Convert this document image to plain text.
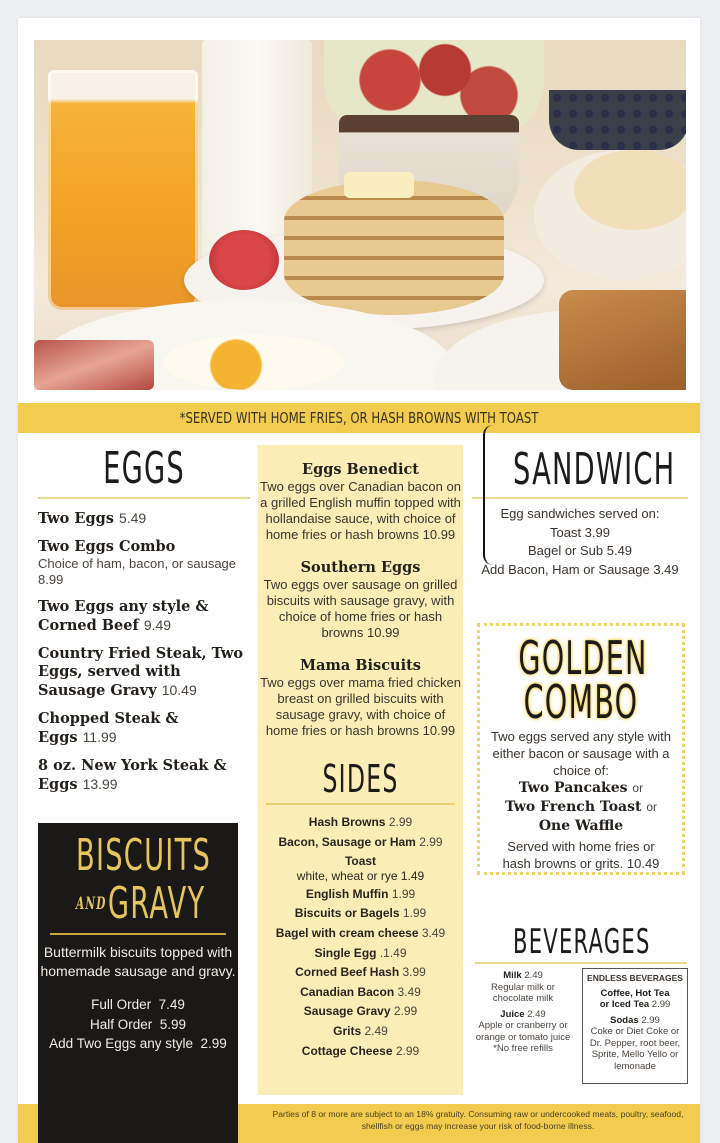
*SERVED WITH HOME FRIES, OR HASH BROWNS WITH TOAST
EGGS
Two Eggs 5.49
Two Eggs Combo
Choice of ham, bacon, or sausage 8.99
Two Eggs any style & Corned Beef 9.49
Country Fried Steak, Two Eggs, served with Sausage Gravy 10.49
Chopped Steak & Eggs 11.99
8 oz. New York Steak & Eggs 13.99
Eggs Benedict
Two eggs over Canadian bacon on a grilled English muffin topped with hollandaise sauce, with choice of home fries or hash browns 10.99
Southern Eggs
Two eggs over sausage on grilled biscuits with sausage gravy, with choice of home fries or hash browns 10.99
Mama Biscuits
Two eggs over mama fried chicken breast on grilled biscuits with sausage gravy, with choice of home fries or hash browns 10.99
SIDES
Hash Browns 2.99
Bacon, Sausage or Ham 2.99
Toast
white, wheat or rye 1.49
English Muffin 1.99
Biscuits or Bagels 1.99
Bagel with cream cheese 3.49
Single Egg .1.49
Corned Beef Hash 3.99
Canadian Bacon 3.49
Sausage Gravy 2.99
Grits 2.49
Cottage Cheese 2.99
SANDWICH
Egg sandwiches served on:
Toast 3.99
Bagel or Sub 5.49
Add Bacon, Ham or Sausage 3.49
GOLDEN
COMBO
Two eggs served any style with either bacon or sausage with a choice of:
Two Pancakes or
Two French Toast or
One Waffle
Served with home fries or hash browns or grits. 10.49
BEVERAGES
Milk 2.49
Regular milk or chocolate milk
Juice 2.49
Apple or cranberry or orange or tomato juice
*No free refills
ENDLESS BEVERAGES
Coffee, Hot Tea or Iced Tea 2.99
Sodas 2.99
Coke or Diet Coke or Dr. Pepper, root beer, Sprite, Mello Yello or lemonade
BISCUITS
ANDGRAVY
Buttermilk biscuits topped with homemade sausage and gravy.
Full Order 7.49
Half Order 5.99
Add Two Eggs any style 2.99
Parties of 8 or more are subject to an 18% gratuity. Consuming raw or undercooked meats, poultry, seafood, shellfish or eggs may increase your risk of food-borne illness.
